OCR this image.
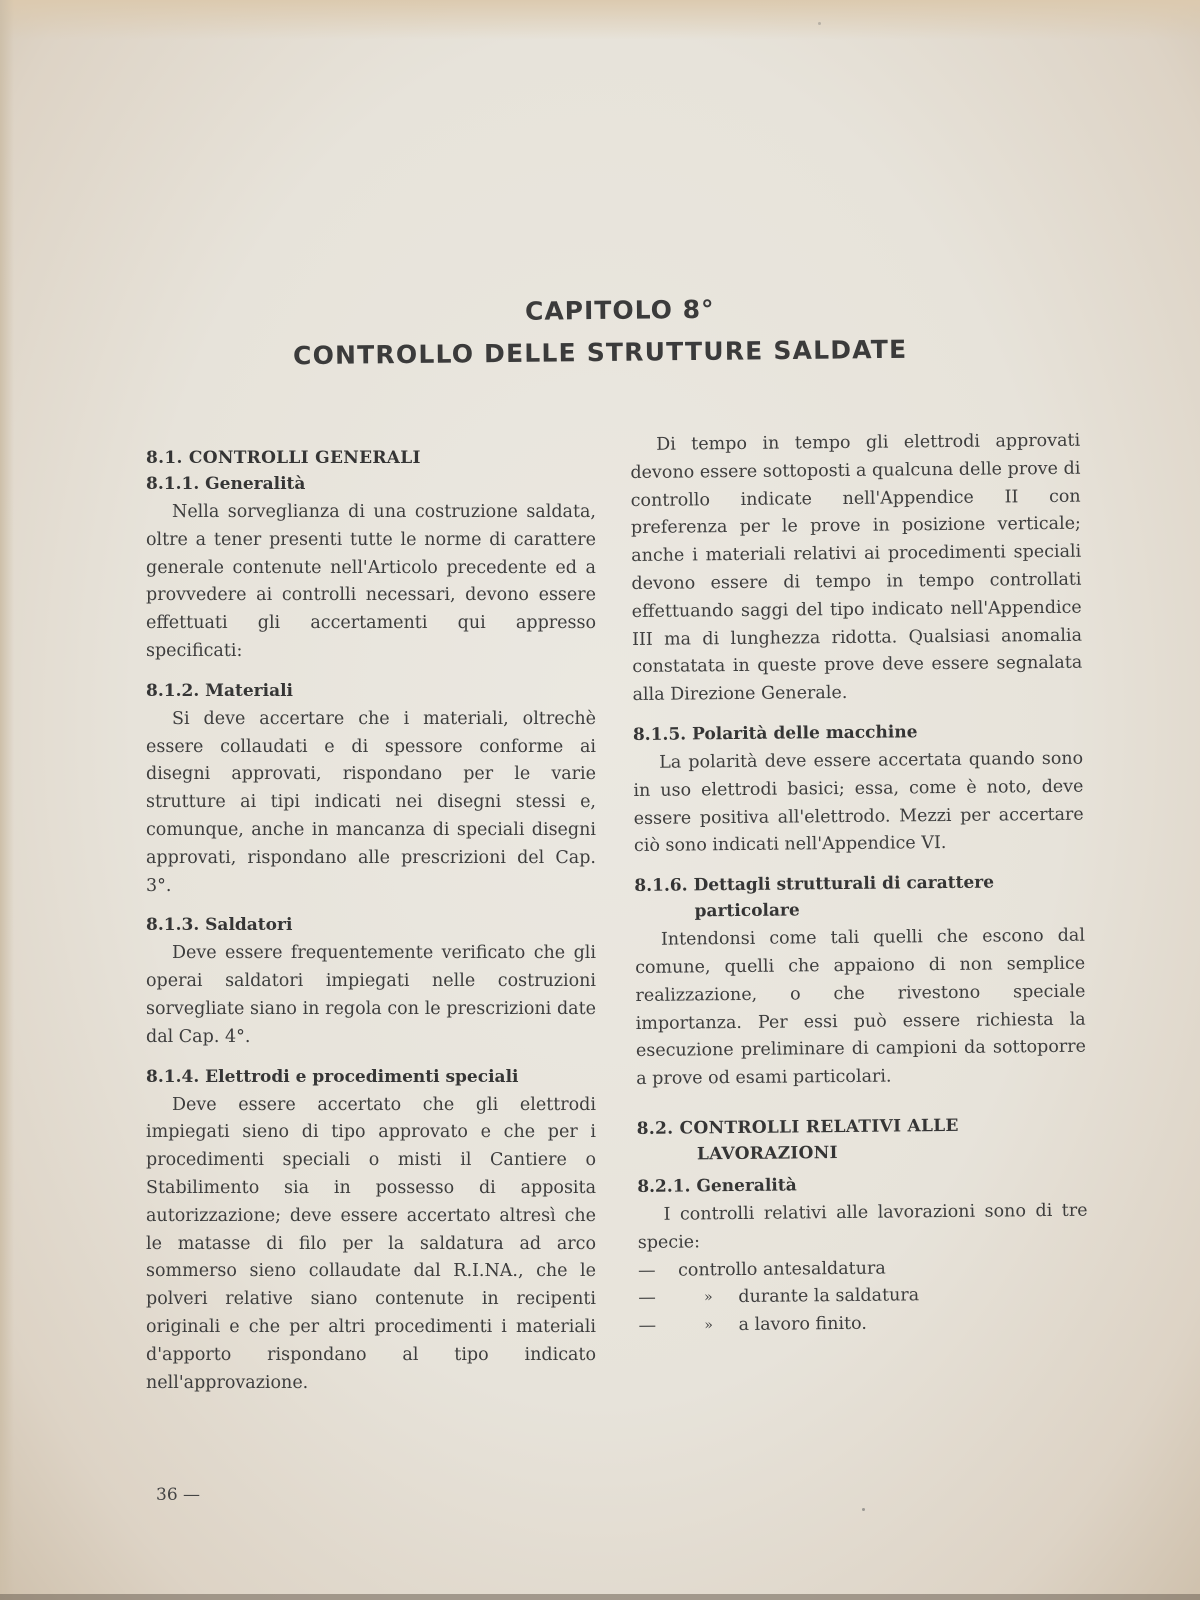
CAPITOLO 8°
CONTROLLO DELLE STRUTTURE SALDATE
8.1. CONTROLLI GENERALI
8.1.1. Generalità

Nella sorveglianza di una costruzione saldata, oltre a tener presenti tutte le norme di carattere generale contenute nell'Articolo precedente ed a provvedere ai controlli necessari, devono essere effettuati gli accertamenti qui appresso specificati:

8.1.2. Materiali

Si deve accertare che i materiali, oltrechè essere collaudati e di spessore conforme ai disegni approvati, rispondano per le varie strutture ai tipi indicati nei disegni stessi e, comunque, anche in mancanza di speciali disegni approvati, rispondano alle prescrizioni del Cap. 3°.

8.1.3. Saldatori

Deve essere frequentemente verificato che gli operai saldatori impiegati nelle costruzioni sorvegliate siano in regola con le prescrizioni date dal Cap. 4°.

8.1.4. Elettrodi e procedimenti speciali

Deve essere accertato che gli elettrodi impiegati sieno di tipo approvato e che per i procedimenti speciali o misti il Cantiere o Stabilimento sia in possesso di apposita autorizzazione; deve essere accertato altresì che le matasse di filo per la saldatura ad arco sommerso sieno collaudate dal R.I.NA., che le polveri relative siano contenute in recipenti originali e che per altri procedimenti i materiali d'apporto rispondano al tipo indicato nell'approvazione.

Di tempo in tempo gli elettrodi approvati devono essere sottoposti a qualcuna delle prove di controllo indicate nell'Appendice II con preferenza per le prove in posizione verticale; anche i materiali relativi ai procedimenti speciali devono essere di tempo in tempo controllati effettuando saggi del tipo indicato nell'Appendice III ma di lunghezza ridotta. Qualsiasi anomalia constatata in queste prove deve essere segnalata alla Direzione Generale.

8.1.5. Polarità delle macchine

La polarità deve essere accertata quando sono in uso elettrodi basici; essa, come è noto, deve essere positiva all'elettrodo. Mezzi per accertare ciò sono indicati nell'Appendice VI.

8.1.6. Dettagli strutturali di carattere particolare

Intendonsi come tali quelli che escono dal comune, quelli che appaiono di non semplice realizzazione, o che rivestono speciale importanza. Per essi può essere richiesta la esecuzione preliminare di campioni da sottoporre a prove od esami particolari.

8.2. CONTROLLI RELATIVI ALLE LAVORAZIONI
8.2.1. Generalità

I controlli relativi alle lavorazioni sono di tre specie:

—	controllo antesaldatura
—	»	durante la saldatura
—	»	a lavoro finito.
36 —
